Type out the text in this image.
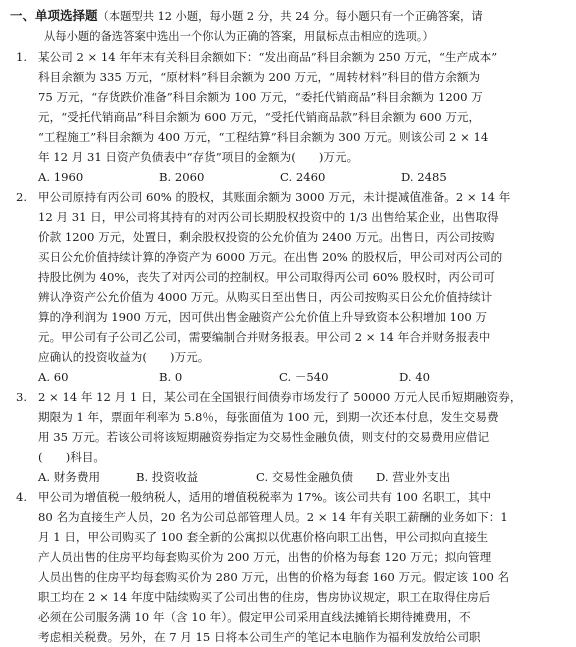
一、单项选择题（本题型共 12 小题，每小题 2 分，共 24 分。每小题只有一个正确答案，请
从每小题的备选答案中选出一个你认为正确的答案，用鼠标点击相应的选项。）
1. 某公司 2 × 14 年年末有关科目余额如下：“发出商品”科目余额为 250 万元，“生产成本”
科目余额为 335 万元，“原材料”科目余额为 200 万元，“周转材料”科目的借方余额为
75 万元，“存货跌价准备”科目余额为 100 万元，“委托代销商品”科目余额为 1200 万
元，“受托代销商品”科目余额为 600 万元，“受托代销商品款”科目余额为 600 万元，
“工程施工”科目余额为 400 万元，“工程结算”科目余额为 300 万元。则该公司 2 × 14
年 12 月 31 日资产负债表中“存货”项目的金额为(　　)万元。
A. 1960	B. 2060	C. 2460	D. 2485
2. 甲公司原持有丙公司 60% 的股权，其账面余额为 3000 万元，未计提减值准备。2 × 14 年
12 月 31 日，甲公司将其持有的对丙公司长期股权投资中的 1/3 出售给某企业，出售取得
价款 1200 万元，处置日，剩余股权投资的公允价值为 2400 万元。出售日，丙公司按购
买日公允价值持续计算的净资产为 6000 万元。在出售 20% 的股权后，甲公司对丙公司的
持股比例为 40%，丧失了对丙公司的控制权。甲公司取得丙公司 60% 股权时，丙公司可
辨认净资产公允价值为 4000 万元。从购买日至出售日，丙公司按购买日公允价值持续计
算的净利润为 1900 万元，因可供出售金融资产公允价值上升导致资本公积增加 100 万
元。甲公司有子公司乙公司，需要编制合并财务报表。甲公司 2 × 14 年合并财务报表中
应确认的投资收益为(　　)万元。
A. 60	B. 0	C. －540	D. 40
3. 2 × 14 年 12 月 1 日，某公司在全国银行间债券市场发行了 50000 万元人民币短期融资券，
期限为 1 年，票面年利率为 5.8％，每张面值为 100 元，到期一次还本付息，发生交易费
用 35 万元。若该公司将该短期融资券指定为交易性金融负债，则支付的交易费用应借记
(　　)科目。
A. 财务费用	B. 投资收益	C. 交易性金融负债	D. 营业外支出
4. 甲公司为增值税一般纳税人，适用的增值税税率为 17%。该公司共有 100 名职工，其中
80 名为直接生产人员，20 名为公司总部管理人员。2 × 14 年有关职工薪酬的业务如下：1
月 1 日，甲公司购买了 100 套全新的公寓拟以优惠价格向职工出售，甲公司拟向直接生
产人员出售的住房平均每套购买价为 200 万元，出售的价格为每套 120 万元；拟向管理
人员出售的住房平均每套购买价为 280 万元，出售的价格为每套 160 万元。假定该 100 名
职工均在 2 × 14 年度中陆续购买了公司出售的住房，售房协议规定，职工在取得住房后
必须在公司服务满 10 年（含 10 年）。假定甲公司采用直线法摊销长期待摊费用，不
考虑相关税费。另外，在 7 月 15 日将本公司生产的笔记本电脑作为福利发放给公司职
